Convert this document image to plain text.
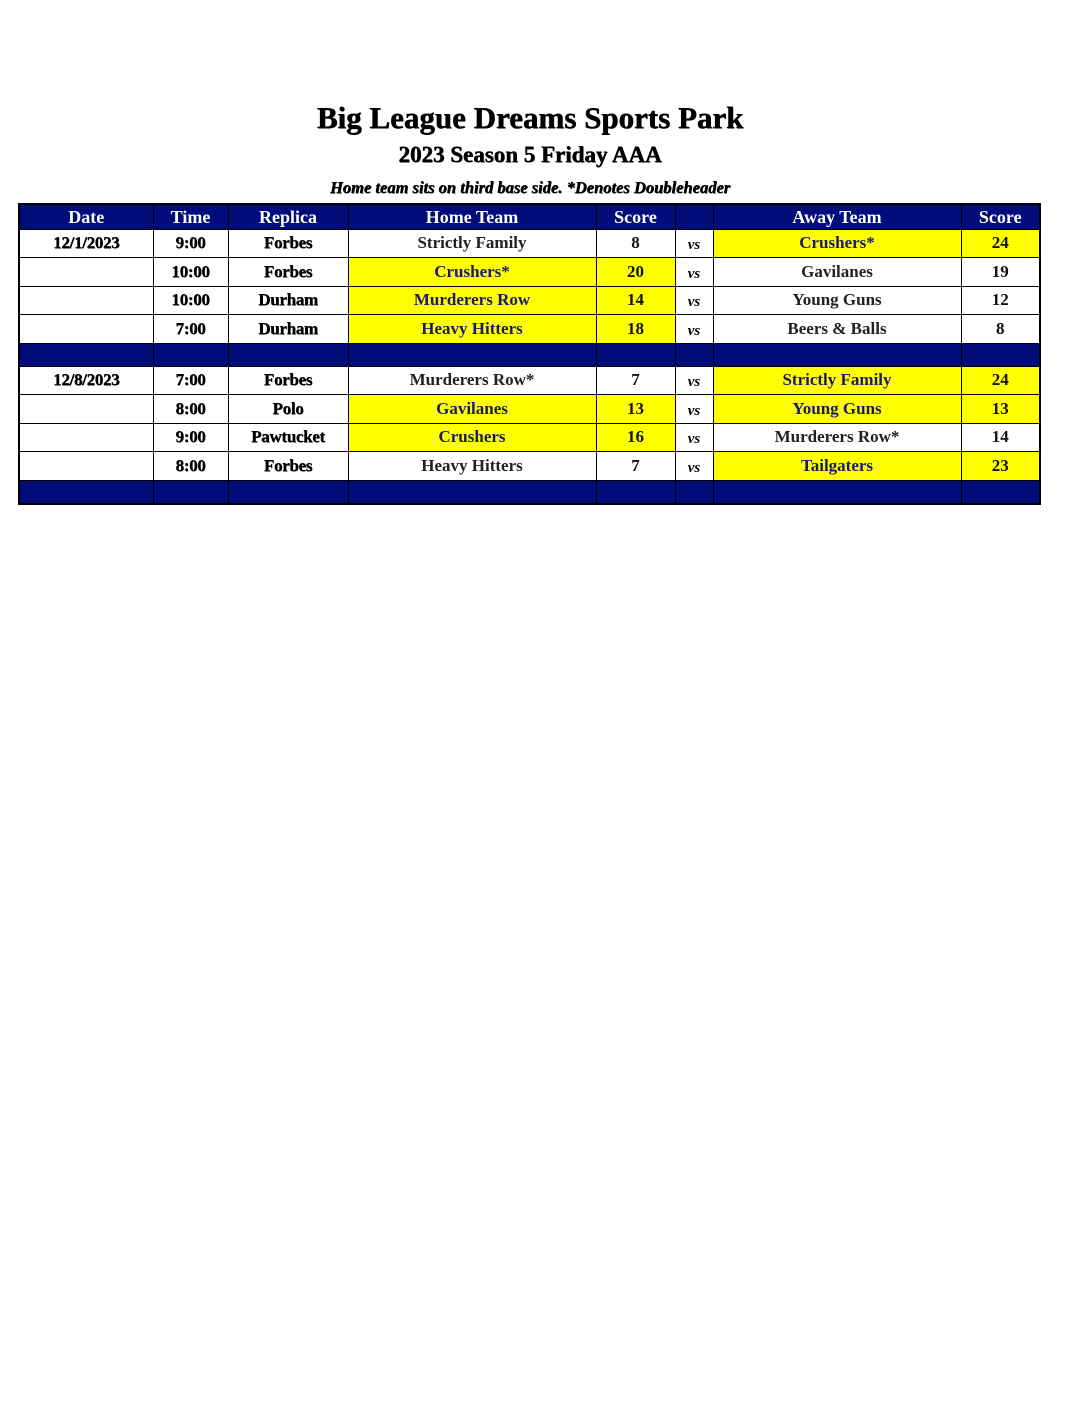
Big League Dreams Sports Park
2023 Season 5 Friday AAA
Home team sits on third base side. *Denotes Doubleheader
Date	Time	Replica	Home Team	Score		Away Team	Score
12/1/2023	9:00	Forbes	Strictly Family	8	vs	Crushers*	24
	10:00	Forbes	Crushers*	20	vs	Gavilanes	19
	10:00	Durham	Murderers Row	14	vs	Young Guns	12
	7:00	Durham	Heavy Hitters	18	vs	Beers & Balls	8

12/8/2023	7:00	Forbes	Murderers Row*	7	vs	Strictly Family	24
	8:00	Polo	Gavilanes	13	vs	Young Guns	13
	9:00	Pawtucket	Crushers	16	vs	Murderers Row*	14
	8:00	Forbes	Heavy Hitters	7	vs	Tailgaters	23
